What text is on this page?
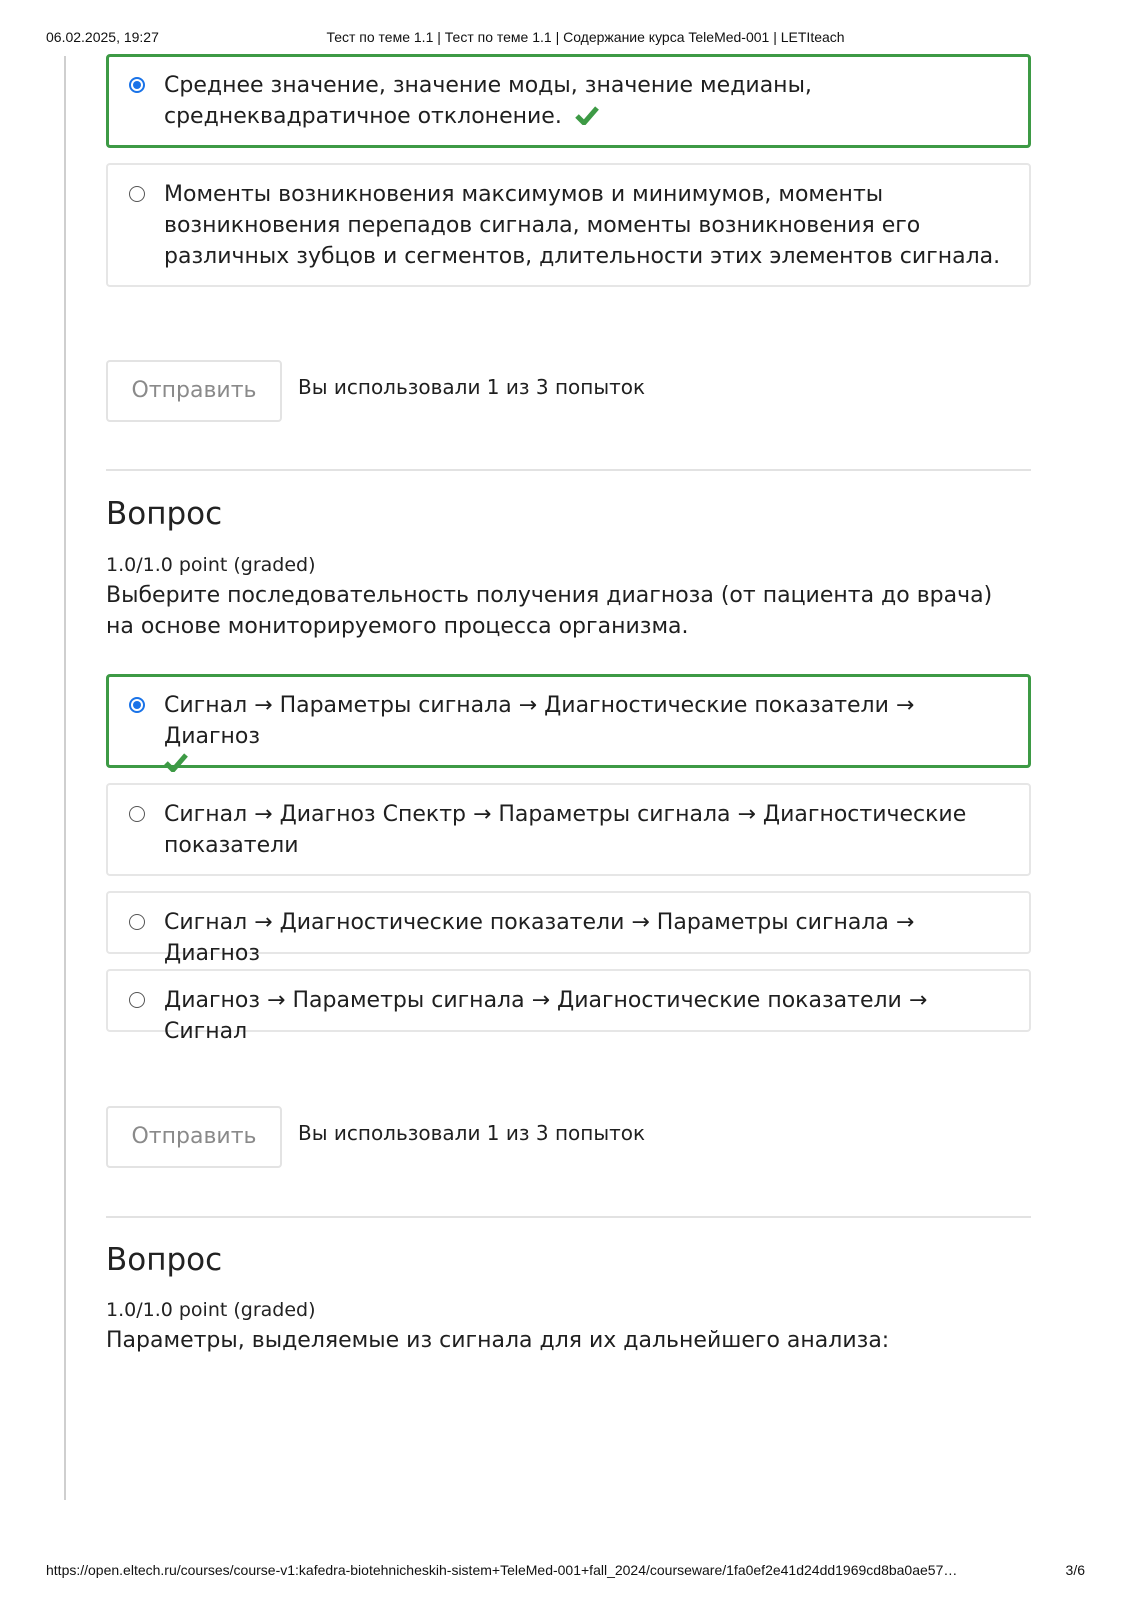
06.02.2025, 19:27	Тест по теме 1.1 | Тест по теме 1.1 | Содержание курса TeleMed-001 | LETIteach
Среднее значение, значение моды, значение медианы, среднеквадратичное отклонение.
Моменты возникновения максимумов и минимумов, моменты возникновения перепадов сигнала, моменты возникновения его различных зубцов и сегментов, длительности этих элементов сигнала.
Отправить	Вы использовали 1 из 3 попыток
Вопрос
1.0/1.0 point (graded)
Выберите последовательность получения диагноза (от пациента до врача) на основе мониторируемого процесса организма.
Сигнал → Параметры сигнала → Диагностические показатели → Диагноз
Сигнал → Диагноз Спектр → Параметры сигнала → Диагностические показатели
Сигнал → Диагностические показатели → Параметры сигнала → Диагноз
Диагноз → Параметры сигнала → Диагностические показатели → Сигнал
Отправить	Вы использовали 1 из 3 попыток
Вопрос
1.0/1.0 point (graded)
Параметры, выделяемые из сигнала для их дальнейшего анализа:
https://open.eltech.ru/courses/course-v1:kafedra-biotehnicheskih-sistem+TeleMed-001+fall_2024/courseware/1fa0ef2e41d24dd1969cd8ba0ae57…	3/6
